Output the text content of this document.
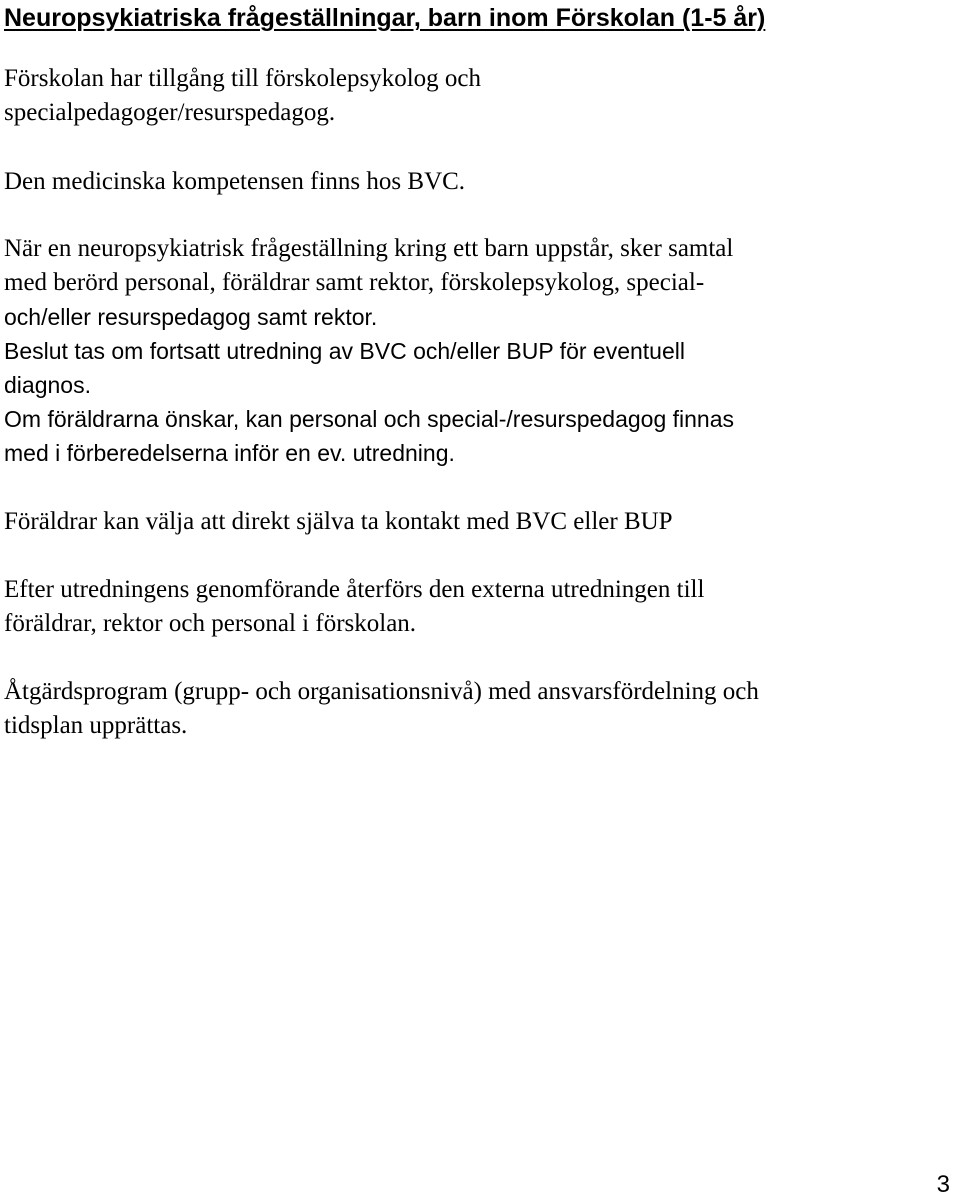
Neuropsykiatriska frågeställningar, barn inom Förskolan (1-5 år)

Förskolan har tillgång till förskolepsykolog och
specialpedagoger/resurspedagog.

Den medicinska kompetensen finns hos BVC.

När en neuropsykiatrisk frågeställning kring ett barn uppstår, sker samtal
med berörd personal, föräldrar samt rektor, förskolepsykolog, special-
och/eller resurspedagog samt rektor.
Beslut tas om fortsatt utredning av BVC och/eller BUP för eventuell
diagnos.
Om föräldrarna önskar, kan personal och special-/resurspedagog finnas
med i förberedelserna inför en ev. utredning.

Föräldrar kan välja att direkt själva ta kontakt med BVC eller BUP

Efter utredningens genomförande återförs den externa utredningen till
föräldrar, rektor och personal i förskolan.

Åtgärdsprogram (grupp- och organisationsnivå) med ansvarsfördelning och
tidsplan upprättas.

3
